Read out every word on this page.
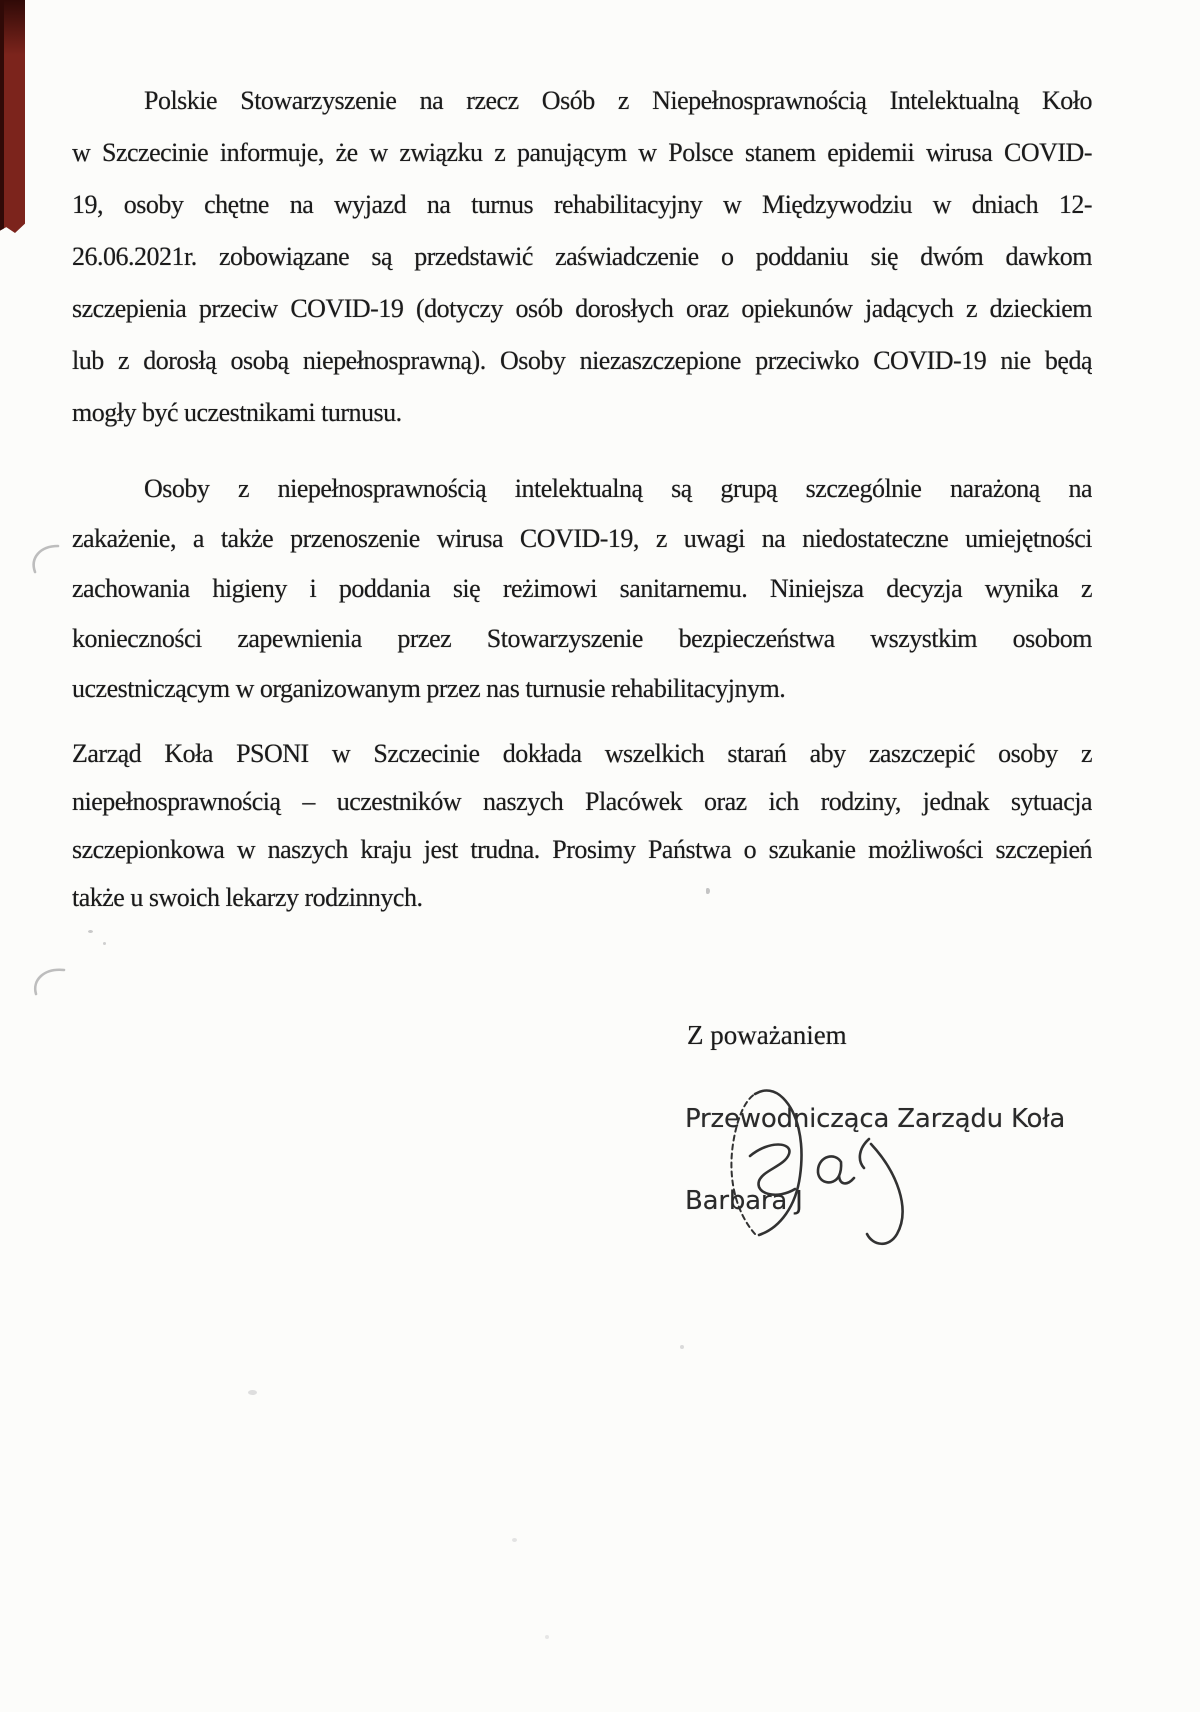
Polskie Stowarzyszenie na rzecz Osób z Niepełnosprawnością Intelektualną Koło
w Szczecinie informuje, że w związku z panującym w Polsce stanem epidemii wirusa COVID-
19, osoby chętne na wyjazd na turnus rehabilitacyjny w Międzywodziu w dniach 12-
26.06.2021r. zobowiązane są przedstawić zaświadczenie o poddaniu się dwóm dawkom
szczepienia przeciw COVID-19 (dotyczy osób dorosłych oraz opiekunów jadących z dzieckiem
lub z dorosłą osobą niepełnosprawną). Osoby niezaszczepione przeciwko COVID-19 nie będą
mogły być uczestnikami turnusu.
Osoby z niepełnosprawnością intelektualną są grupą szczególnie narażoną na
zakażenie, a także przenoszenie wirusa COVID-19, z uwagi na niedostateczne umiejętności
zachowania higieny i poddania się reżimowi sanitarnemu. Niniejsza decyzja wynika z
konieczności zapewnienia przez Stowarzyszenie bezpieczeństwa wszystkim osobom
uczestniczącym w organizowanym przez nas turnusie rehabilitacyjnym.
Zarząd Koła PSONI w Szczecinie dokłada wszelkich starań aby zaszczepić osoby z
niepełnosprawnością – uczestników naszych Placówek oraz ich rodziny, jednak sytuacja
szczepionkowa w naszych kraju jest trudna. Prosimy Państwa o szukanie możliwości szczepień
także u swoich lekarzy rodzinnych.
Z poważaniem
Przewodnicząca Zarządu Koła
Barbara J
